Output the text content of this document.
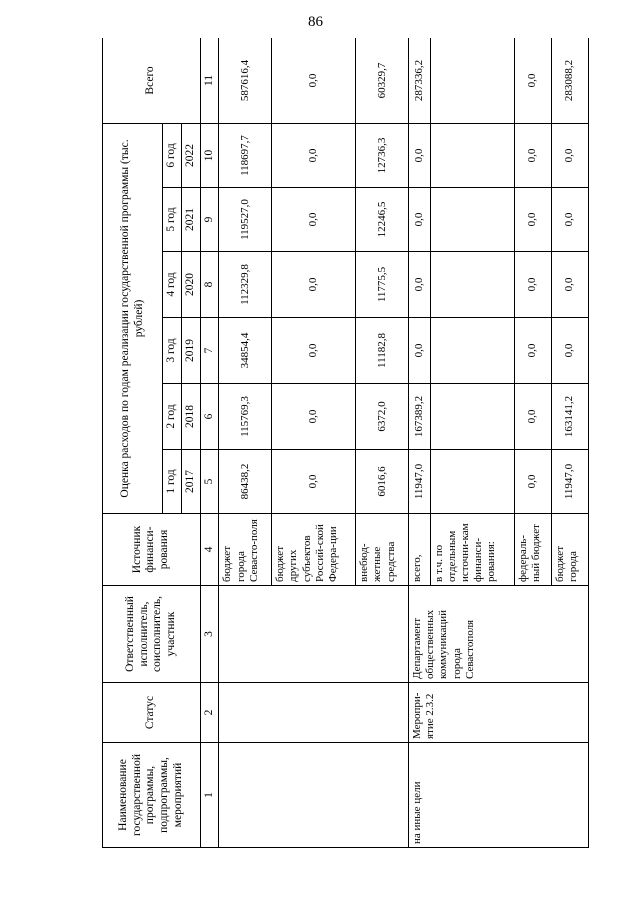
86
Наименование государственной программы, подпрограммы, мероприятий	Статус	Ответственный исполнитель, соисполнитель, участник	Источник финанси-рования	Оценка расходов по годам реализации государственной программы (тыс. рублей)						Всего
				1 год	2 год	3 год	4 год	5 год	6 год	
				2017	2018	2019	2020	2021	2022	
1	2	3	4	5	6	7	8	9	10	11
			бюджет города Севасто-поля	86438,2	115769,3	34854,4	112329,8	119527,0	118697,7	587616,4
			бюджет других субъектов Россий-ской Федера-ции	0,0	0,0	0,0	0,0	0,0	0,0	0,0
			внебюд-жетные средства	6016,6	6372,0	11182,8	11775,5	12246,5	12736,3	60329,7
на иные цели	Меропри-ятие 2.3.2	Департамент общественных коммуникаций города Севастополя	всего,	11947,0	167389,2	0,0	0,0	0,0	0,0	287336,2
			в т.ч. по отдельным источни-кам финанси-рования:							
			федераль-ный бюджет	0,0	0,0	0,0	0,0	0,0	0,0	0,0
			бюджет города	11947,0	163141,2	0,0	0,0	0,0	0,0	283088,2
